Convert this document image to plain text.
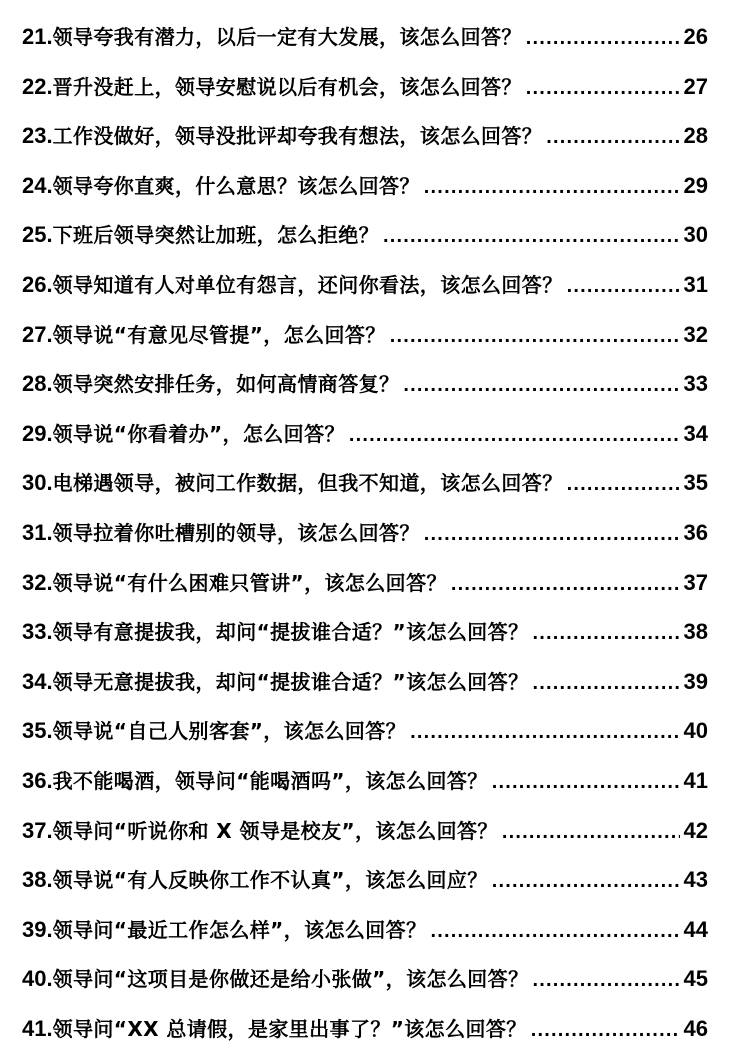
21. 领导夸我有潜力，以后一定有大发展，该怎么回答？ .....	26
22. 晋升没赶上，领导安慰说以后有机会，该怎么回答？ .....	27
23. 工作没做好，领导没批评却夸我有想法，该怎么回答？ .....	28
24. 领导夸你直爽，什么意思？该怎么回答？ .....	29
25. 下班后领导突然让加班，怎么拒绝？ .....	30
26. 领导知道有人对单位有怨言，还问你看法，该怎么回答？ .....	31
27. 领导说“有意见尽管提”，怎么回答？ .....	32
28. 领导突然安排任务，如何高情商答复？ .....	33
29. 领导说“你看着办”，怎么回答？ .....	34
30. 电梯遇领导，被问工作数据，但我不知道，该怎么回答？ .....	35
31. 领导拉着你吐槽别的领导，该怎么回答？ .....	36
32. 领导说“有什么困难只管讲”，该怎么回答？ .....	37
33. 领导有意提拔我，却问“提拔谁合适？”该怎么回答？ .....	38
34. 领导无意提拔我，却问“提拔谁合适？”该怎么回答？ .....	39
35. 领导说“自己人别客套”，该怎么回答？ .....	40
36. 我不能喝酒，领导问“能喝酒吗”，该怎么回答？ .....	41
37. 领导问“听说你和 X 领导是校友”，该怎么回答？ .....	42
38. 领导说“有人反映你工作不认真”，该怎么回应？ .....	43
39. 领导问“最近工作怎么样”，该怎么回答？ .....	44
40. 领导问“这项目是你做还是给小张做”，该怎么回答？ .....	45
41. 领导问“XX 总请假，是家里出事了？”该怎么回答？ .....	46
